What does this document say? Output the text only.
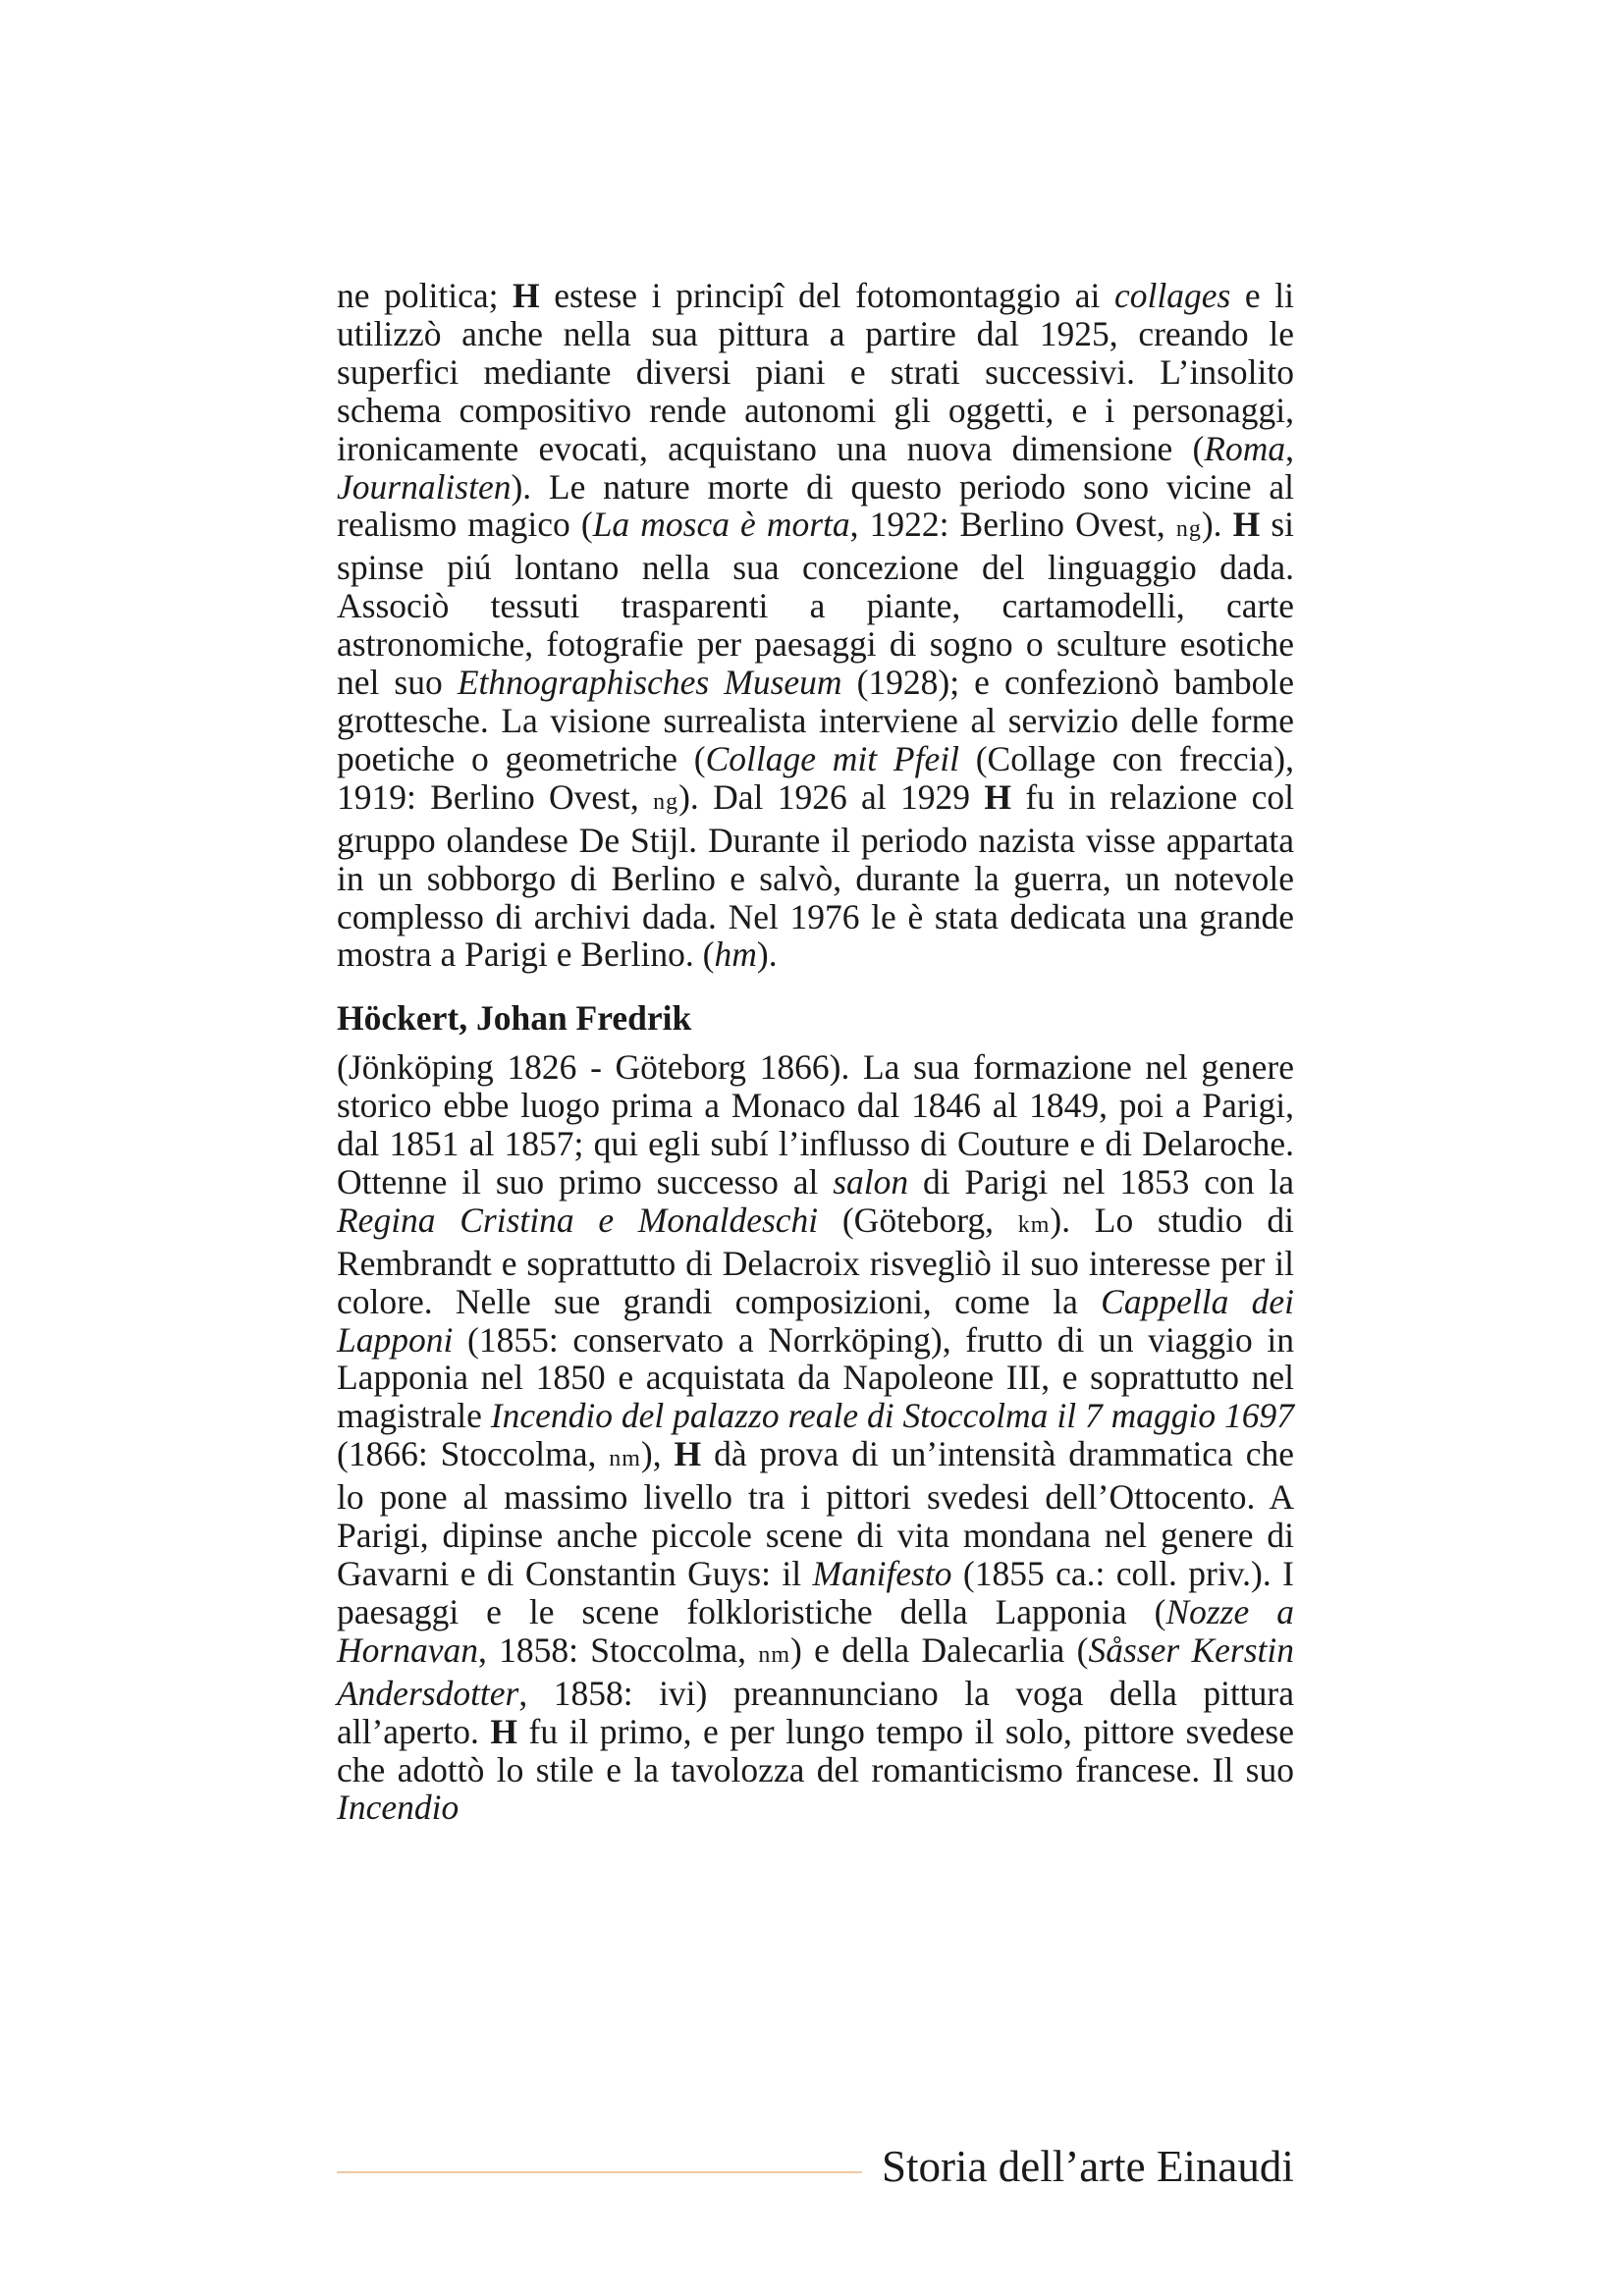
ne politica; H estese i principî del fotomontaggio ai collages e li utilizzò anche nella sua pittura a partire dal 1925, creando le superfici mediante diversi piani e strati successivi. L’insolito schema compositivo rende autonomi gli oggetti, e i personaggi, ironicamente evocati, acquistano una nuova dimensione (Roma, Journalisten). Le nature morte di questo periodo sono vicine al realismo magico (La mosca è morta, 1922: Berlino Ovest, ng). H si spinse piú lontano nella sua concezione del linguaggio dada. Associò tessuti trasparenti a piante, cartamodelli, carte astronomiche, fotografie per paesaggi di sogno o sculture esotiche nel suo Ethnographisches Museum (1928); e confezionò bambole grottesche. La visione surrealista interviene al servizio delle forme poetiche o geometriche (Collage mit Pfeil (Collage con freccia), 1919: Berlino Ovest, ng). Dal 1926 al 1929 H fu in relazione col gruppo olandese De Stijl. Durante il periodo nazista visse appartata in un sobborgo di Berlino e salvò, durante la guerra, un notevole complesso di archivi dada. Nel 1976 le è stata dedicata una grande mostra a Parigi e Berlino. (hm).

Höckert, Johan Fredrik

(Jönköping 1826 - Göteborg 1866). La sua formazione nel genere storico ebbe luogo prima a Monaco dal 1846 al 1849, poi a Parigi, dal 1851 al 1857; qui egli subí l’influsso di Couture e di Delaroche. Ottenne il suo primo successo al salon di Parigi nel 1853 con la Regina Cristina e Monaldeschi (Göteborg, km). Lo studio di Rembrandt e soprattutto di Delacroix risvegliò il suo interesse per il colore. Nelle sue grandi composizioni, come la Cappella dei Lapponi (1855: conservato a Norrköping), frutto di un viaggio in Lapponia nel 1850 e acquistata da Napoleone III, e soprattutto nel magistrale Incendio del palazzo reale di Stoccolma il 7 maggio 1697 (1866: Stoccolma, nm), H dà prova di un’intensità drammatica che lo pone al massimo livello tra i pittori svedesi dell’Ottocento. A Parigi, dipinse anche piccole scene di vita mondana nel genere di Gavarni e di Constantin Guys: il Manifesto (1855 ca.: coll. priv.). I paesaggi e le scene folkloristiche della Lapponia (Nozze a Hornavan, 1858: Stoccolma, nm) e della Dalecarlia (Såsser Kerstin Andersdotter, 1858: ivi) preannunciano la voga della pittura all’aperto. H fu il primo, e per lungo tempo il solo, pittore svedese che adottò lo stile e la tavolozza del romanticismo francese. Il suo Incendio

Storia dell’arte Einaudi
